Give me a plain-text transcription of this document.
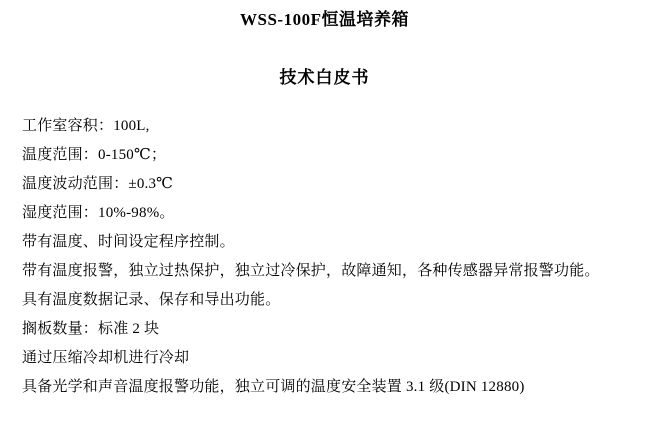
WSS-100F恒温培养箱
技术白皮书
工作室容积：100L,
温度范围：0-150℃；
温度波动范围：±0.3℃
湿度范围：10%-98%。
带有温度、时间设定程序控制。
带有温度报警，独立过热保护，独立过冷保护，故障通知，各种传感器异常报警功能。
具有温度数据记录、保存和导出功能。
搁板数量：标准 2 块
通过压缩冷却机进行冷却
具备光学和声音温度报警功能，独立可调的温度安全装置 3.1 级(DIN 12880)
